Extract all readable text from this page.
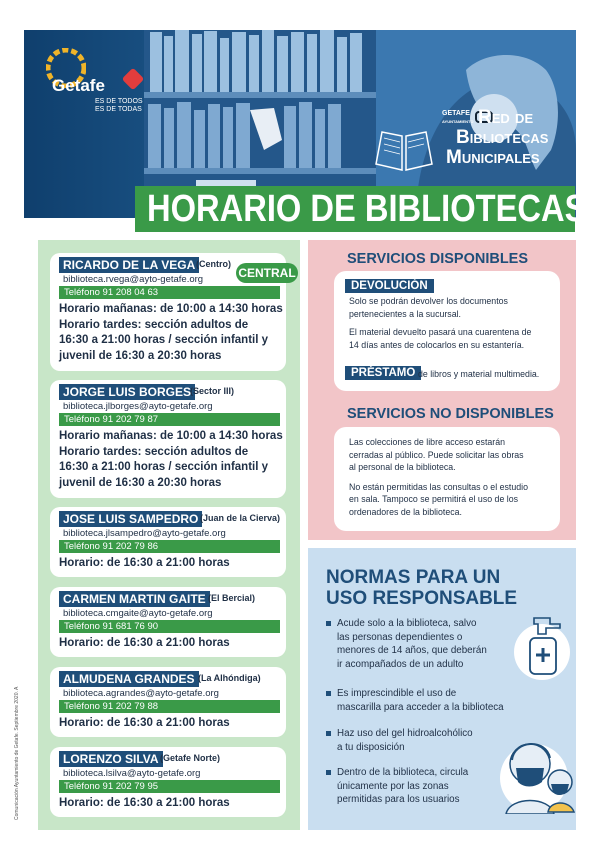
Getafe
ES DE TODOS
ES DE TODAS
GETAFE
AYUNTAMIENTO Red de
Bibliotecas
Municipales
HORARIO DE BIBLIOTECAS
RICARDO DE LA VEGA (Centro)
biblioteca.rvega@ayto-getafe.org
Teléfono 91 208 04 63
Horario mañanas: de 10:00 a 14:30 horas
Horario tardes: sección adultos de
16:30 a 21:00 horas / sección infantil y
juvenil de 16:30 a 20:30 horas
CENTRAL
JORGE LUIS BORGES
(Sector III)
biblioteca.jlborges@ayto-getafe.org
Teléfono 91 202 79 87
Horario mañanas: de 10:00 a 14:30 horas
Horario tardes: sección adultos de
16:30 a 21:00 horas / sección infantil y
juvenil de 16:30 a 20:30 horas
JOSE LUIS SAMPEDRO (Juan de la Cierva)
biblioteca.jlsampedro@ayto-getafe.org
Teléfono 91 202 79 86
Horario: de 16:30 a 21:00 horas
CARMEN MARTIN GAITE (El Bercial)
biblioteca.cmgaite@ayto-getafe.org
Teléfono 91 681 76 90
Horario: de 16:30 a 21:00 horas
ALMUDENA GRANDES (La Alhóndiga)
biblioteca.agrandes@ayto-getafe.org
Teléfono 91 202 79 88
Horario: de 16:30 a 21:00 horas
LORENZO SILVA (Getafe Norte)
biblioteca.lsilva@ayto-getafe.org
Teléfono 91 202 79 95
Horario: de 16:30 a 21:00 horas
Comunicación Ayuntamiento de Getafe. Septiembre 2020. A
SERVICIOS DISPONIBLES
DEVOLUCIÓN
Solo se podrán devolver los documentos
pertenecientes a la sucursal.
El material devuelto pasará una cuarentena de
14 días antes de colocarlos en su estantería.
PRÉSTAMO de libros y material multimedia.
SERVICIOS NO DISPONIBLES
Las colecciones de libre acceso estarán
cerradas al público. Puede solicitar las obras
al personal de la biblioteca.
No están permitidas las consultas o el estudio
en sala. Tampoco se permitirá el uso de los
ordenadores de la biblioteca.
NORMAS PARA UN
USO RESPONSABLE
Acude solo a la biblioteca, salvo
las personas dependientes o
menores de 14 años, que deberán
ir acompañados de un adulto
Es imprescindible el uso de
mascarilla para acceder a la biblioteca
Haz uso del gel hidroalcohólico
a tu disposición
Dentro de la biblioteca, circula
únicamente por las zonas
permitidas para los usuarios
